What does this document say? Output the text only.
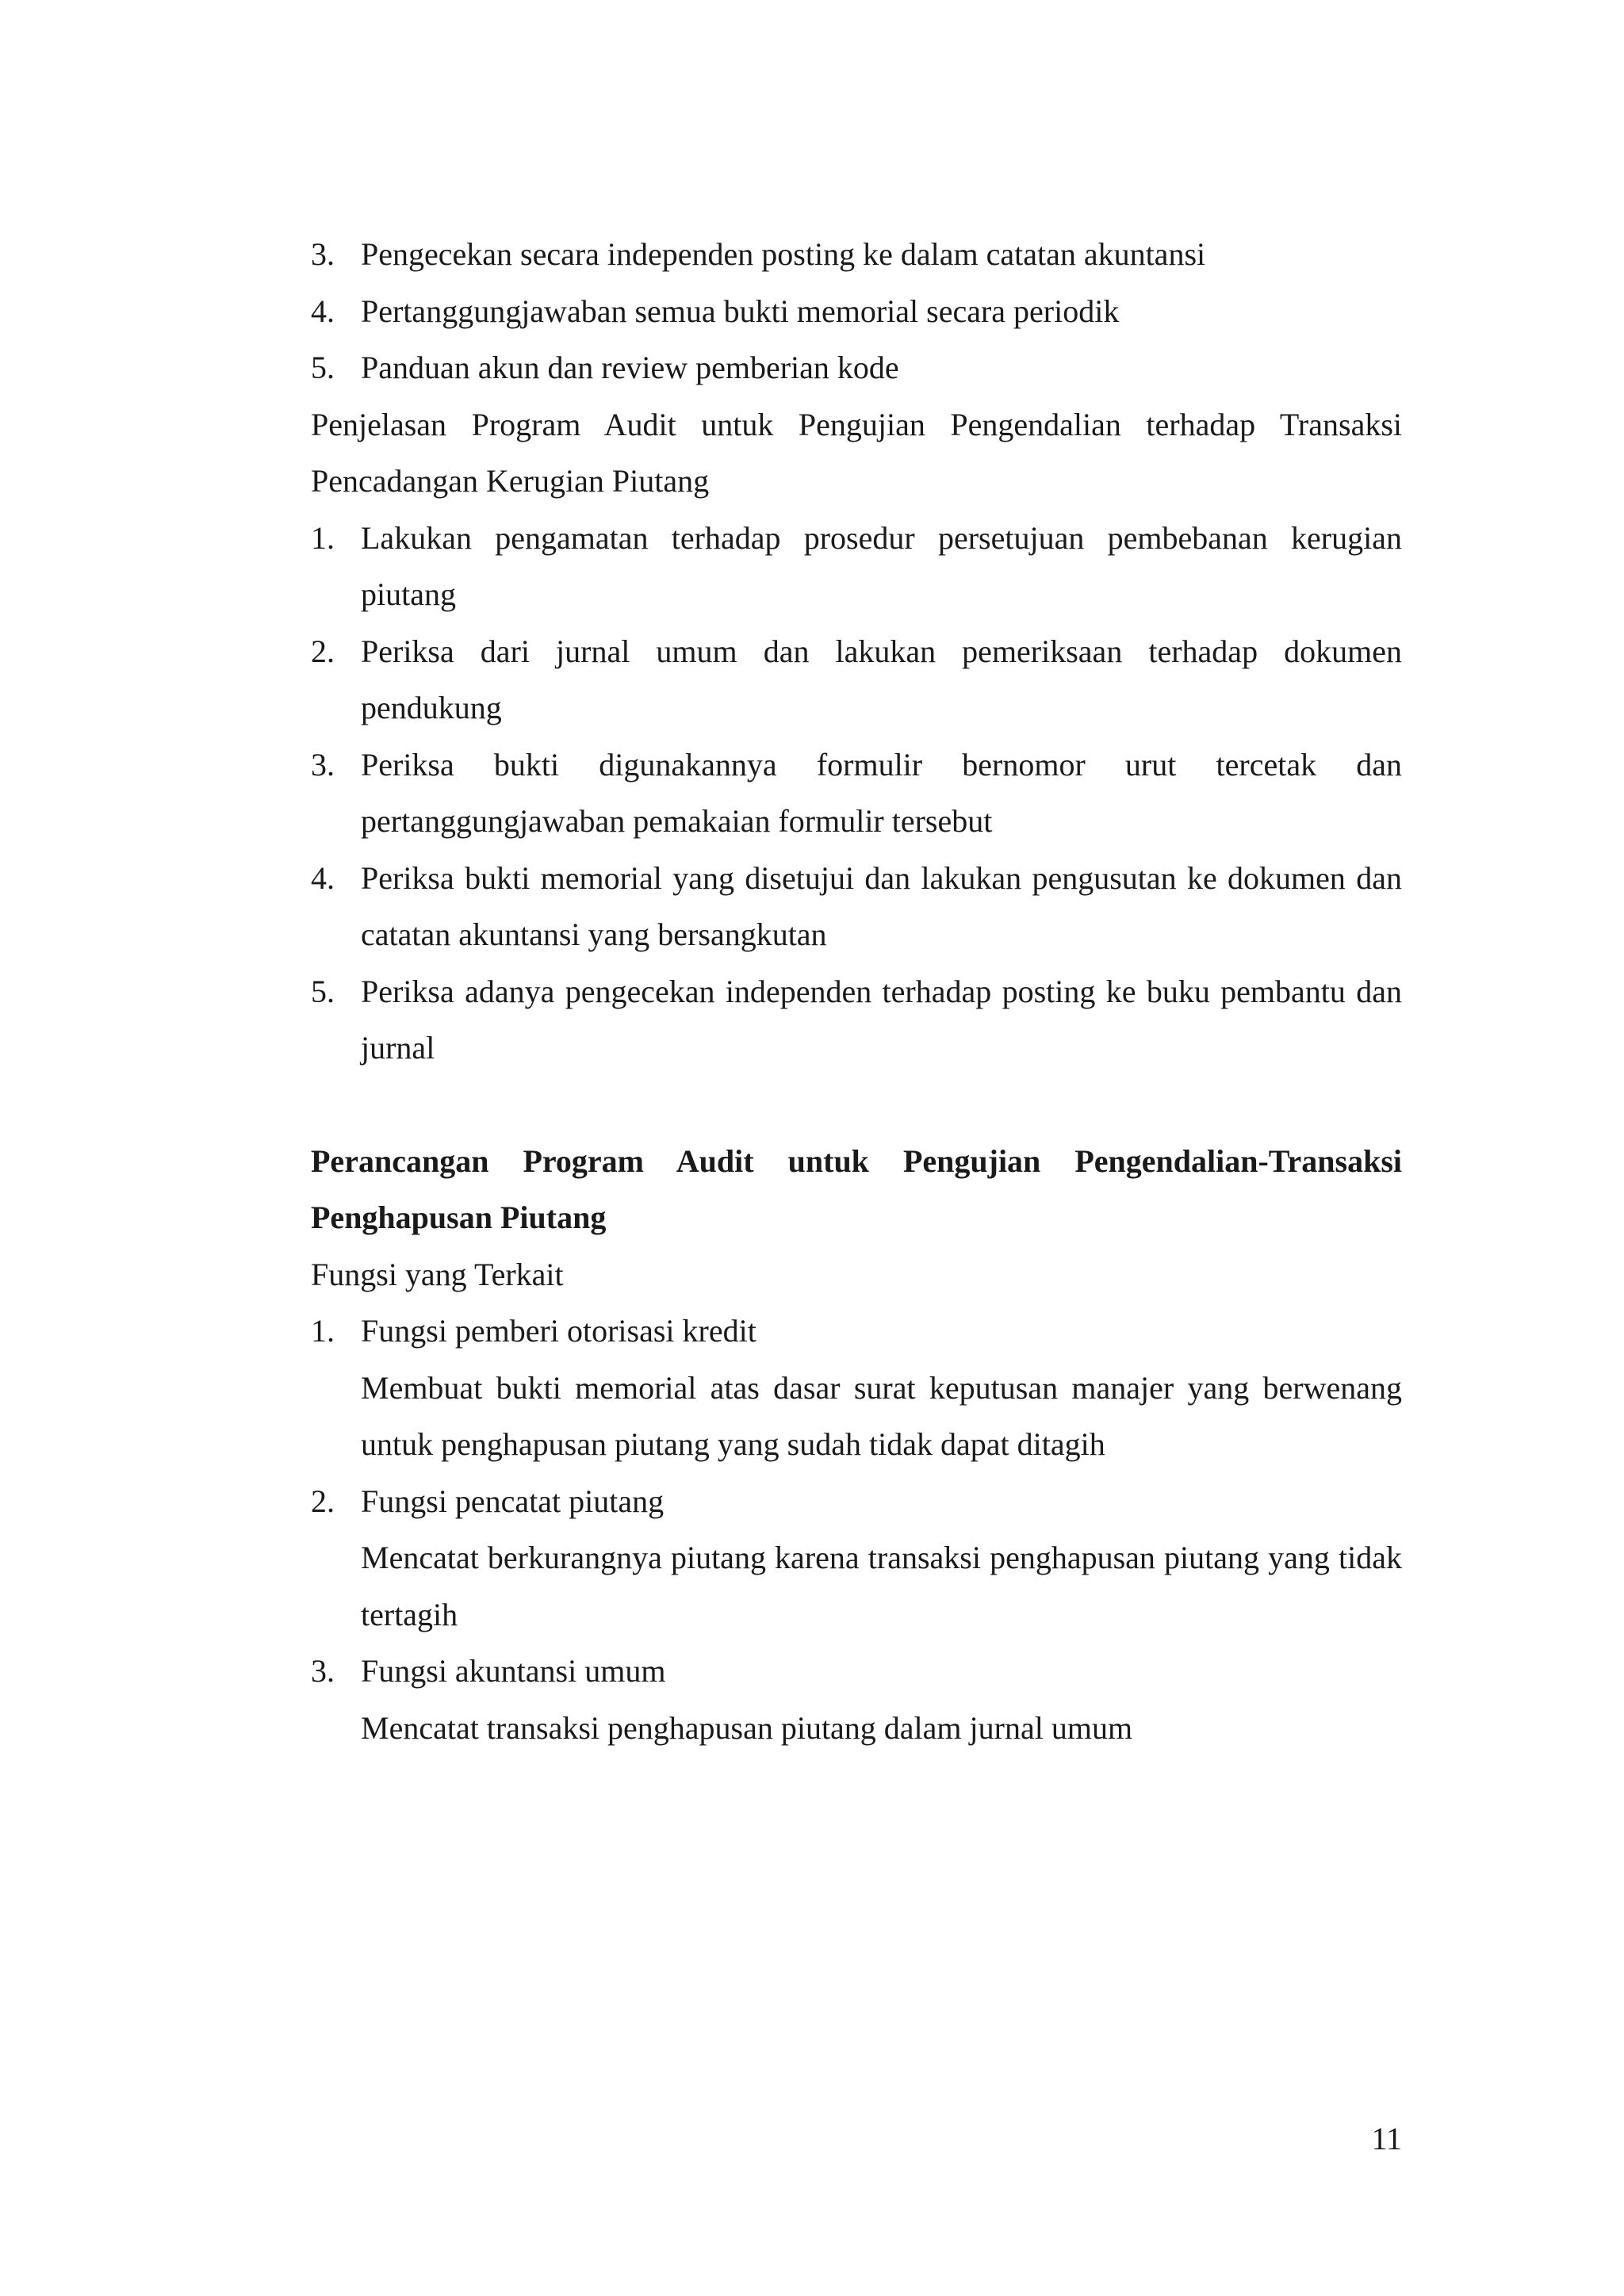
3. Pengecekan secara independen posting ke dalam catatan akuntansi
4. Pertanggungjawaban semua bukti memorial secara periodik
5. Panduan akun dan review pemberian kode
Penjelasan Program Audit untuk Pengujian Pengendalian terhadap Transaksi Pencadangan Kerugian Piutang
1. Lakukan pengamatan terhadap prosedur persetujuan pembebanan kerugian piutang
2. Periksa dari jurnal umum dan lakukan pemeriksaan terhadap dokumen pendukung
3. Periksa bukti digunakannya formulir bernomor urut tercetak dan pertanggungjawaban pemakaian formulir tersebut
4. Periksa bukti memorial yang disetujui dan lakukan pengusutan ke dokumen dan catatan akuntansi yang bersangkutan
5. Periksa adanya pengecekan independen terhadap posting ke buku pembantu dan jurnal
Perancangan Program Audit untuk Pengujian Pengendalian-Transaksi Penghapusan Piutang
Fungsi yang Terkait
1. Fungsi pemberi otorisasi kredit
Membuat bukti memorial atas dasar surat keputusan manajer yang berwenang untuk penghapusan piutang yang sudah tidak dapat ditagih
2. Fungsi pencatat piutang
Mencatat berkurangnya piutang karena transaksi penghapusan piutang yang tidak tertagih
3. Fungsi akuntansi umum
Mencatat transaksi penghapusan piutang dalam jurnal umum
11
